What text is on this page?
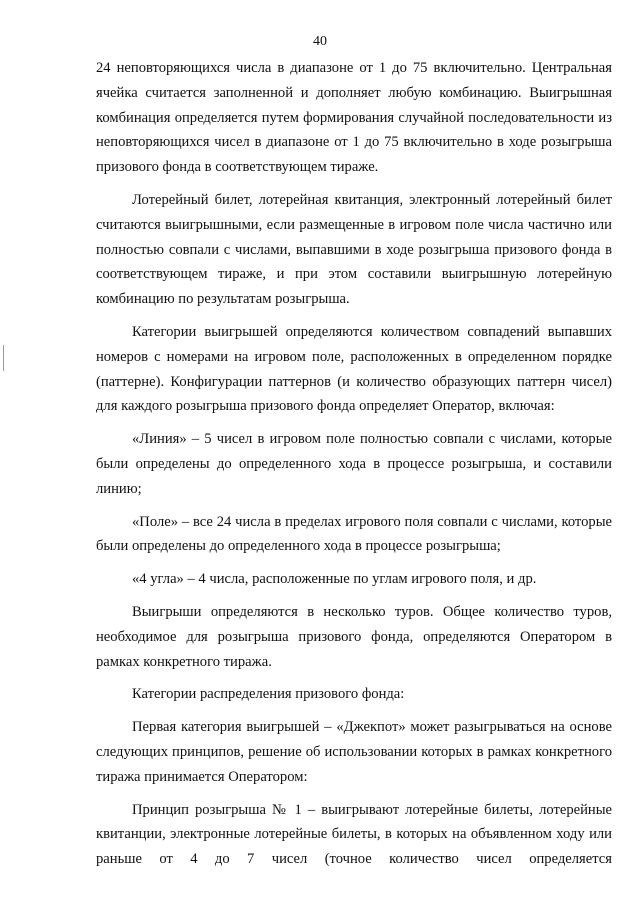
40

24 неповторяющихся числа в диапазоне от 1 до 75 включительно. Центральная ячейка считается заполненной и дополняет любую комбинацию. Выигрышная комбинация определяется путем формирования случайной последовательности из неповторяющихся чисел в диапазоне от 1 до 75 включительно в ходе розыгрыша призового фонда в соответствующем тираже.

Лотерейный билет, лотерейная квитанция, электронный лотерейный билет считаются выигрышными, если размещенные в игровом поле числа частично или полностью совпали с числами, выпавшими в ходе розыгрыша призового фонда в соответствующем тираже, и при этом составили выигрышную лотерейную комбинацию по результатам розыгрыша.

Категории выигрышей определяются количеством совпадений выпавших номеров с номерами на игровом поле, расположенных в определенном порядке (паттерне). Конфигурации паттернов (и количество образующих паттерн чисел) для каждого розыгрыша призового фонда определяет Оператор, включая:

«Линия» – 5 чисел в игровом поле полностью совпали с числами, которые были определены до определенного хода в процессе розыгрыша, и составили линию;

«Поле» – все 24 числа в пределах игрового поля совпали с числами, которые были определены до определенного хода в процессе розыгрыша;

«4 угла» – 4 числа, расположенные по углам игрового поля, и др.

Выигрыши определяются в несколько туров. Общее количество туров, необходимое для розыгрыша призового фонда, определяются Оператором в рамках конкретного тиража.

Категории распределения призового фонда:

Первая категория выигрышей – «Джекпот» может разыгрываться на основе следующих принципов, решение об использовании которых в рамках конкретного тиража принимается Оператором:

Принцип розыгрыша № 1 – выигрывают лотерейные билеты, лотерейные квитанции, электронные лотерейные билеты, в которых на объявленном ходу или раньше от 4 до 7 чисел (точное количество чисел определяется
